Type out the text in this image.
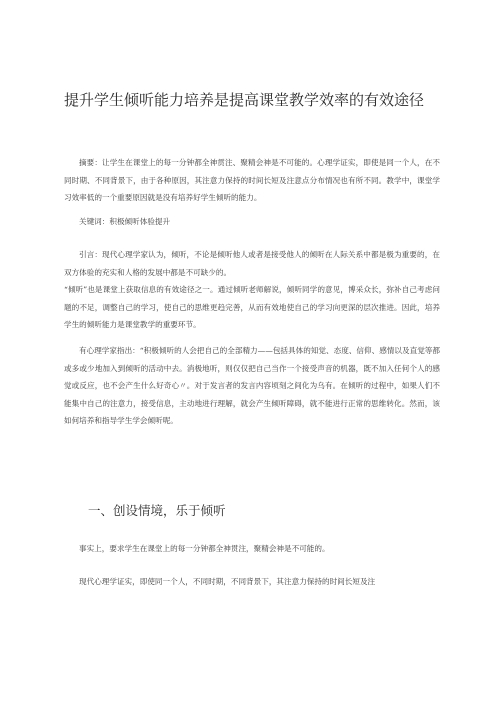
提升学生倾听能力培养是提高课堂教学效率的有效途径
摘要：让学生在课堂上的每一分钟都全神贯注、聚精会神是不可能的。心理学证实，即使是同一个人，在不同时期、不同背景下，由于各种原因，其注意力保持的时间长短及注意点分布情况也有所不同。教学中，课堂学习效率低的一个重要原因就是没有培养好学生倾听的能力。
关键词：积极倾听体验提升
引言：现代心理学家认为，倾听，不论是倾听他人或者是接受他人的倾听在人际关系中都是极为重要的，在双方体验的充实和人格的发展中都是不可缺少的。
“倾听”也是课堂上获取信息的有效途径之一。通过倾听老师解说，倾听同学的意见，博采众长，弥补自己考虑问题的不足，调整自己的学习，使自己的思维更趋完善，从而有效地使自己的学习向更深的层次推进。因此，培养学生的倾听能力是课堂教学的重要环节。
有心理学家指出：“积极倾听的人会把自己的全部精力——包括具体的知觉、态度、信仰、感情以及直觉等都或多或少地加入到倾听的活动中去。消极地听，则仅仅把自己当作一个接受声音的机器，既不加入任何个人的感觉或反应，也不会产生什么好奇心〃。对于发言者的发言内容顷刻之间化为乌有。在倾听的过程中，如果人们不能集中自己的注意力，接受信息，主动地进行理解，就会产生倾听障碍，就不能进行正常的思维转化。然而，该如何培养和指导学生学会倾听呢。
一、创设情境，乐于倾听
事实上，要求学生在课堂上的每一分钟都全神贯注，聚精会神是不可能的。
现代心理学证实，即使同一个人，不同时期，不同背景下，其注意力保持的时间长短及注
